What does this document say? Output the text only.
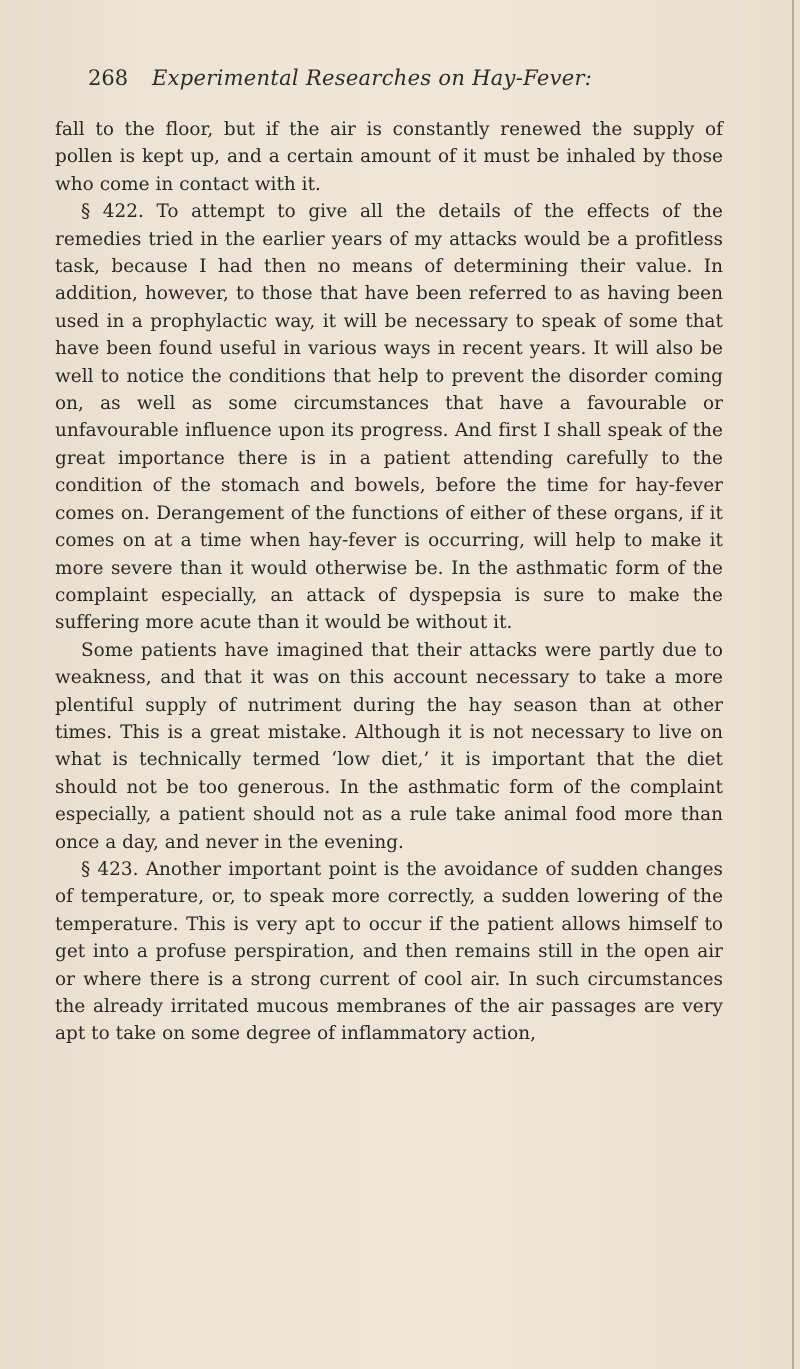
268 Experimental Researches on Hay-Fever:

fall to the floor, but if the air is constantly renewed the supply of pollen is kept up, and a certain amount of it must be inhaled by those who come in contact with it.

§ 422. To attempt to give all the details of the effects of the remedies tried in the earlier years of my attacks would be a profitless task, because I had then no means of determining their value. In addition, however, to those that have been referred to as having been used in a prophylactic way, it will be necessary to speak of some that have been found useful in various ways in recent years. It will also be well to notice the conditions that help to prevent the disorder coming on, as well as some circumstances that have a favourable or unfavourable influence upon its progress. And first I shall speak of the great importance there is in a patient attending carefully to the condition of the stomach and bowels, before the time for hay-fever comes on. Derangement of the functions of either of these organs, if it comes on at a time when hay-fever is occurring, will help to make it more severe than it would otherwise be. In the asthmatic form of the complaint especially, an attack of dyspepsia is sure to make the suffering more acute than it would be without it.

Some patients have imagined that their attacks were partly due to weakness, and that it was on this account necessary to take a more plentiful supply of nutriment during the hay season than at other times. This is a great mistake. Although it is not necessary to live on what is technically termed ‘low diet,’ it is important that the diet should not be too generous. In the asthmatic form of the complaint especially, a patient should not as a rule take animal food more than once a day, and never in the evening.

§ 423. Another important point is the avoidance of sudden changes of temperature, or, to speak more correctly, a sudden lowering of the temperature. This is very apt to occur if the patient allows himself to get into a profuse perspiration, and then remains still in the open air or where there is a strong current of cool air. In such circumstances the already irritated mucous membranes of the air passages are very apt to take on some degree of inflammatory action,
